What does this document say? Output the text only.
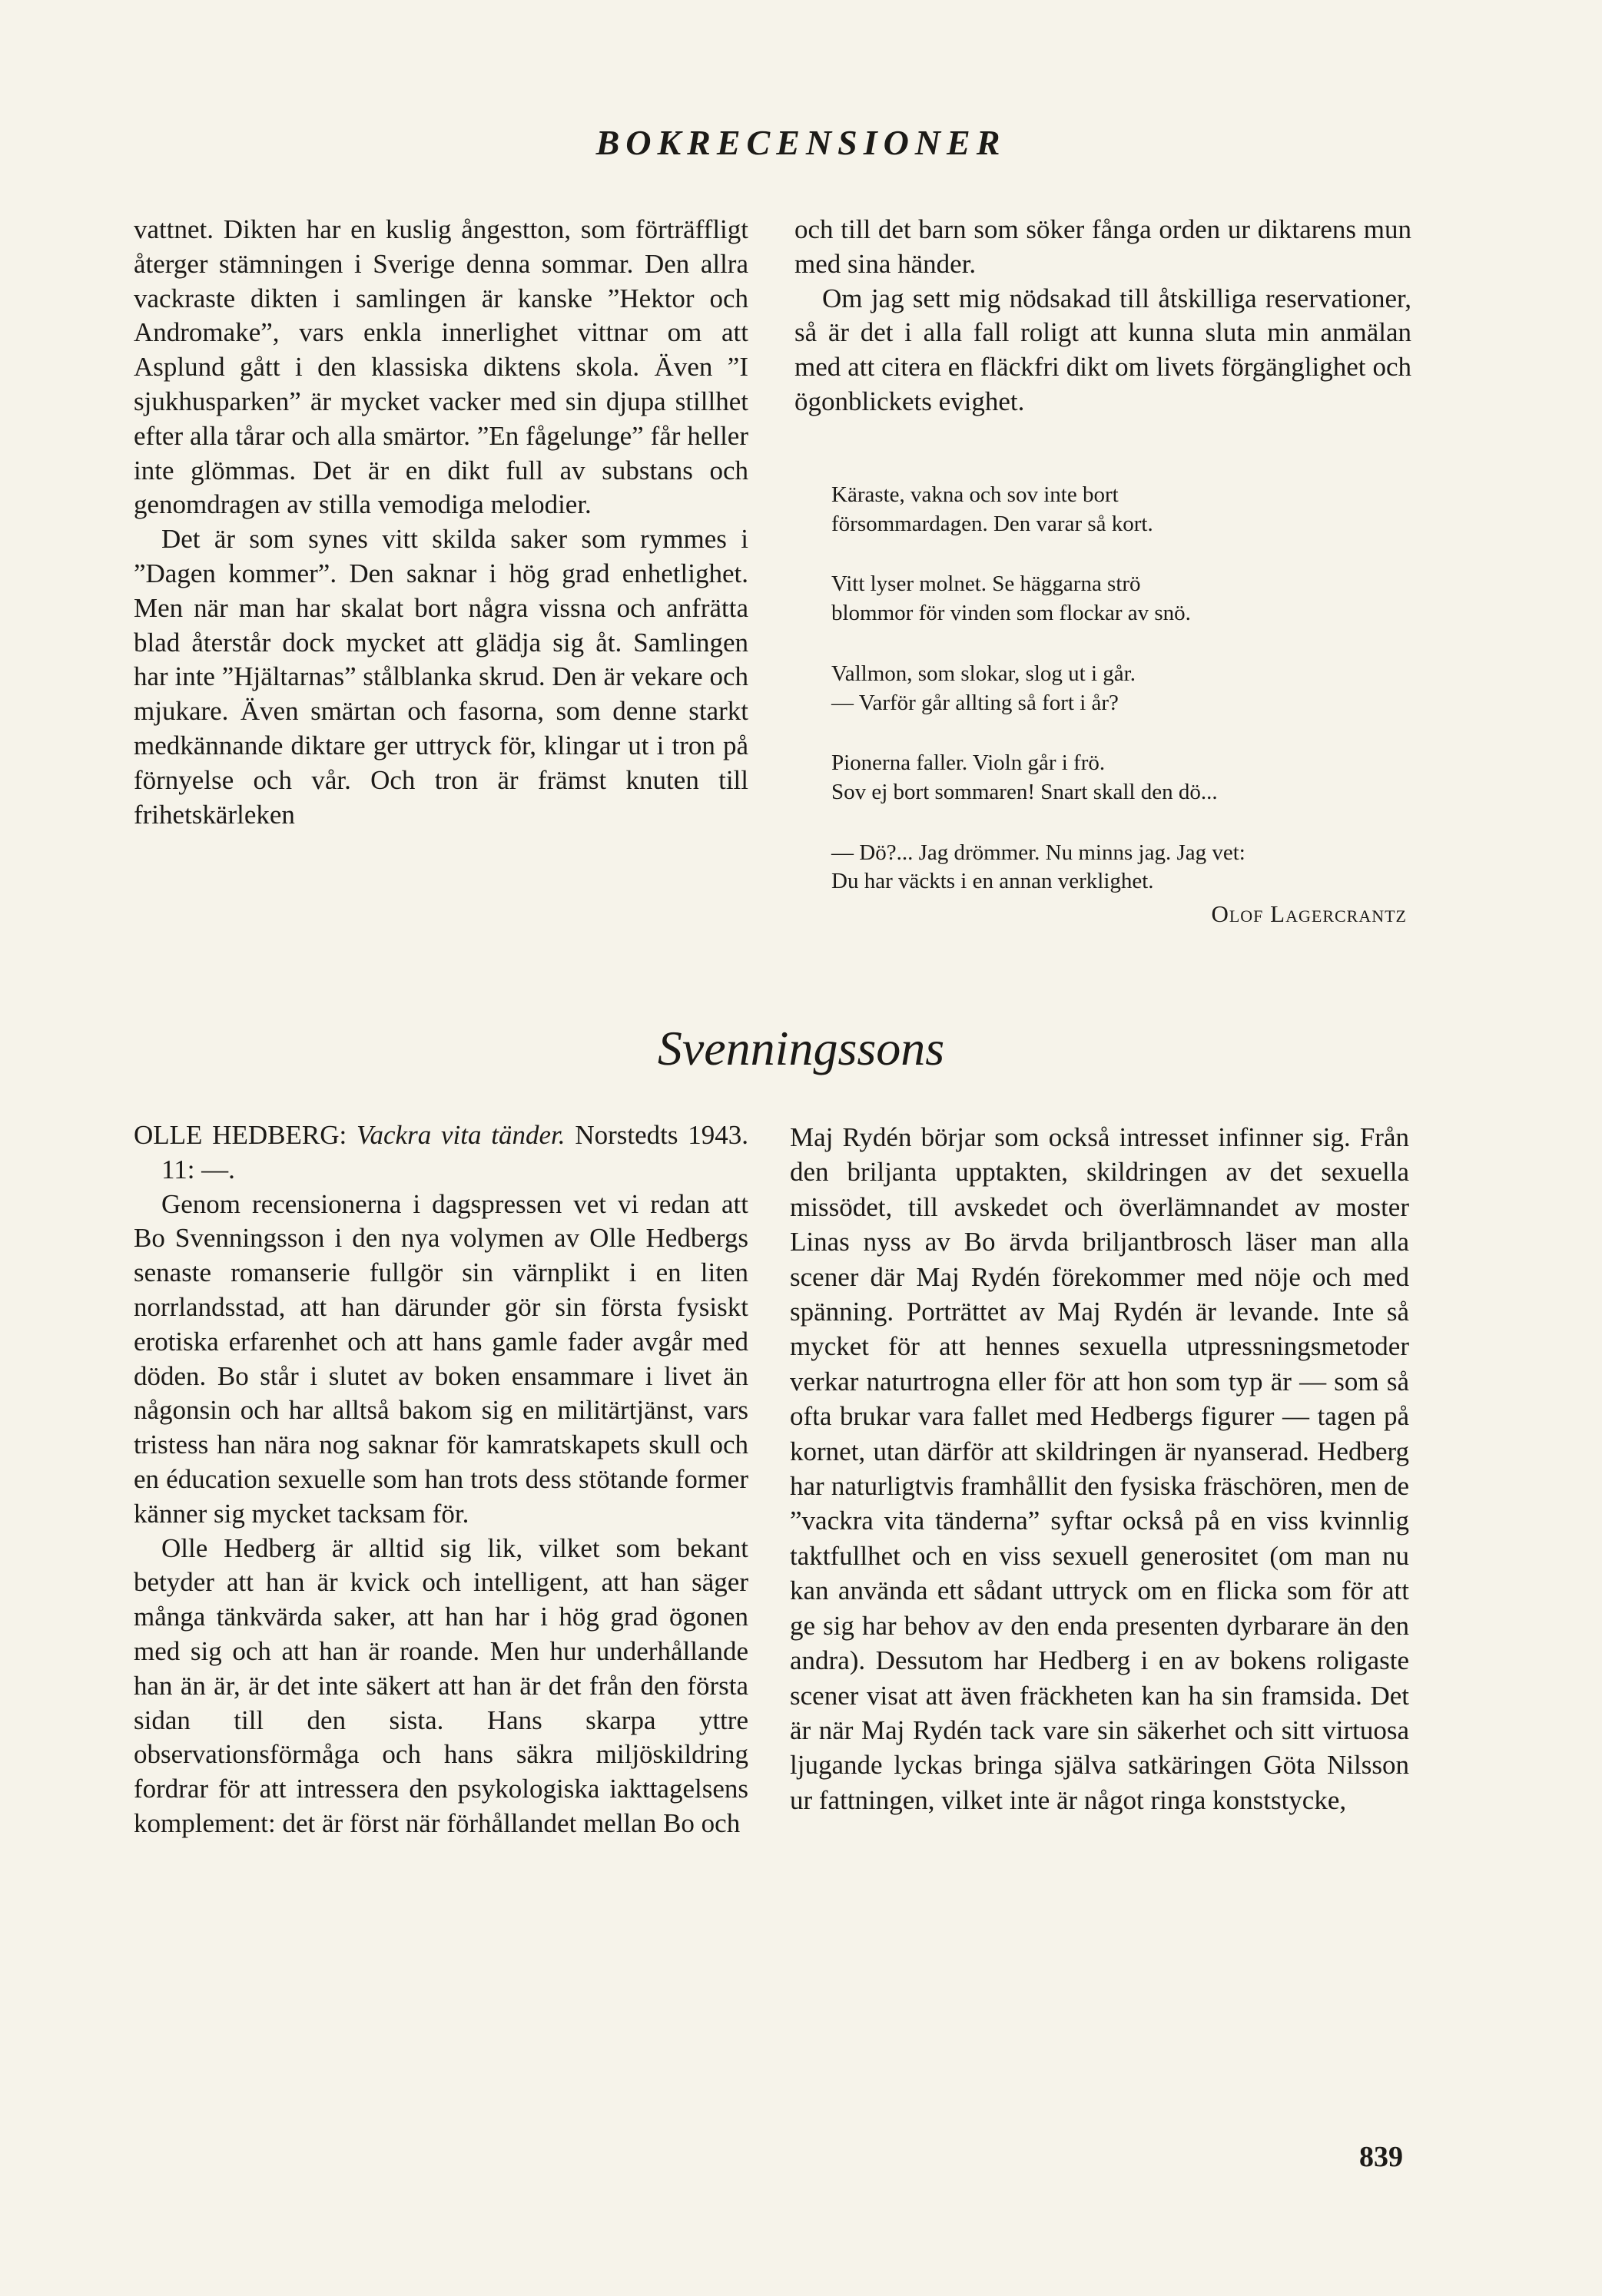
BOKRECENSIONER

vattnet. Dikten har en kuslig ångestton, som förträffligt återger stämningen i Sverige denna sommar. Den allra vackraste dikten i samlingen är kanske ”Hektor och Andromake”, vars enkla innerlighet vittnar om att Asplund gått i den klassiska diktens skola. Även ”I sjukhusparken” är mycket vacker med sin djupa stillhet efter alla tårar och alla smärtor. ”En fågelunge” får heller inte glömmas. Det är en dikt full av substans och genomdragen av stilla vemodiga melodier.

Det är som synes vitt skilda saker som rymmes i ”Dagen kommer”. Den saknar i hög grad enhetlighet. Men när man har skalat bort några vissna och anfrätta blad återstår dock mycket att glädja sig åt. Samlingen har inte ”Hjältarnas” stålblanka skrud. Den är vekare och mjukare. Även smärtan och fasorna, som denne starkt medkännande diktare ger uttryck för, klingar ut i tron på förnyelse och vår. Och tron är främst knuten till frihetskärleken

och till det barn som söker fånga orden ur diktarens mun med sina händer.

Om jag sett mig nödsakad till åtskilliga reservationer, så är det i alla fall roligt att kunna sluta min anmälan med att citera en fläckfri dikt om livets förgänglighet och ögonblickets evighet.

Käraste, vakna och sov inte bort
försommardagen. Den varar så kort.
Vitt lyser molnet. Se häggarna strö
blommor för vinden som flockar av snö.
Vallmon, som slokar, slog ut i går.
— Varför går allting så fort i år?
Pionerna faller. Violn går i frö.
Sov ej bort sommaren! Snart skall den dö...
— Dö?... Jag drömmer. Nu minns jag. Jag vet:
Du har väckts i en annan verklighet.
Olof Lagercrantz
Svenningssons

OLLE HEDBERG: Vackra vita tänder. Norstedts 1943. 11: —.

Genom recensionerna i dagspressen vet vi redan att Bo Svenningsson i den nya volymen av Olle Hedbergs senaste romanserie fullgör sin värnplikt i en liten norrlandsstad, att han därunder gör sin första fysiskt erotiska erfarenhet och att hans gamle fader avgår med döden. Bo står i slutet av boken ensammare i livet än någonsin och har alltså bakom sig en militärtjänst, vars tristess han nära nog saknar för kamratskapets skull och en éducation sexuelle som han trots dess stötande former känner sig mycket tacksam för.

Olle Hedberg är alltid sig lik, vilket som bekant betyder att han är kvick och intelligent, att han säger många tänkvärda saker, att han har i hög grad ögonen med sig och att han är roande. Men hur underhållande han än är, är det inte säkert att han är det från den första sidan till den sista. Hans skarpa yttre observationsförmåga och hans säkra miljöskildring fordrar för att intressera den psykologiska iakttagelsens komplement: det är först när förhållandet mellan Bo och

Maj Rydén börjar som också intresset infinner sig. Från den briljanta upptakten, skildringen av det sexuella missödet, till avskedet och överlämnandet av moster Linas nyss av Bo ärvda briljantbrosch läser man alla scener där Maj Rydén förekommer med nöje och med spänning. Porträttet av Maj Rydén är levande. Inte så mycket för att hennes sexuella utpressningsmetoder verkar naturtrogna eller för att hon som typ är — som så ofta brukar vara fallet med Hedbergs figurer — tagen på kornet, utan därför att skildringen är nyanserad. Hedberg har naturligtvis framhållit den fysiska fräschören, men de ”vackra vita tänderna” syftar också på en viss kvinnlig taktfullhet och en viss sexuell generositet (om man nu kan använda ett sådant uttryck om en flicka som för att ge sig har behov av den enda presenten dyrbarare än den andra). Dessutom har Hedberg i en av bokens roligaste scener visat att även fräckheten kan ha sin framsida. Det är när Maj Rydén tack vare sin säkerhet och sitt virtuosa ljugande lyckas bringa själva satkäringen Göta Nilsson ur fattningen, vilket inte är något ringa konststycke,

839
